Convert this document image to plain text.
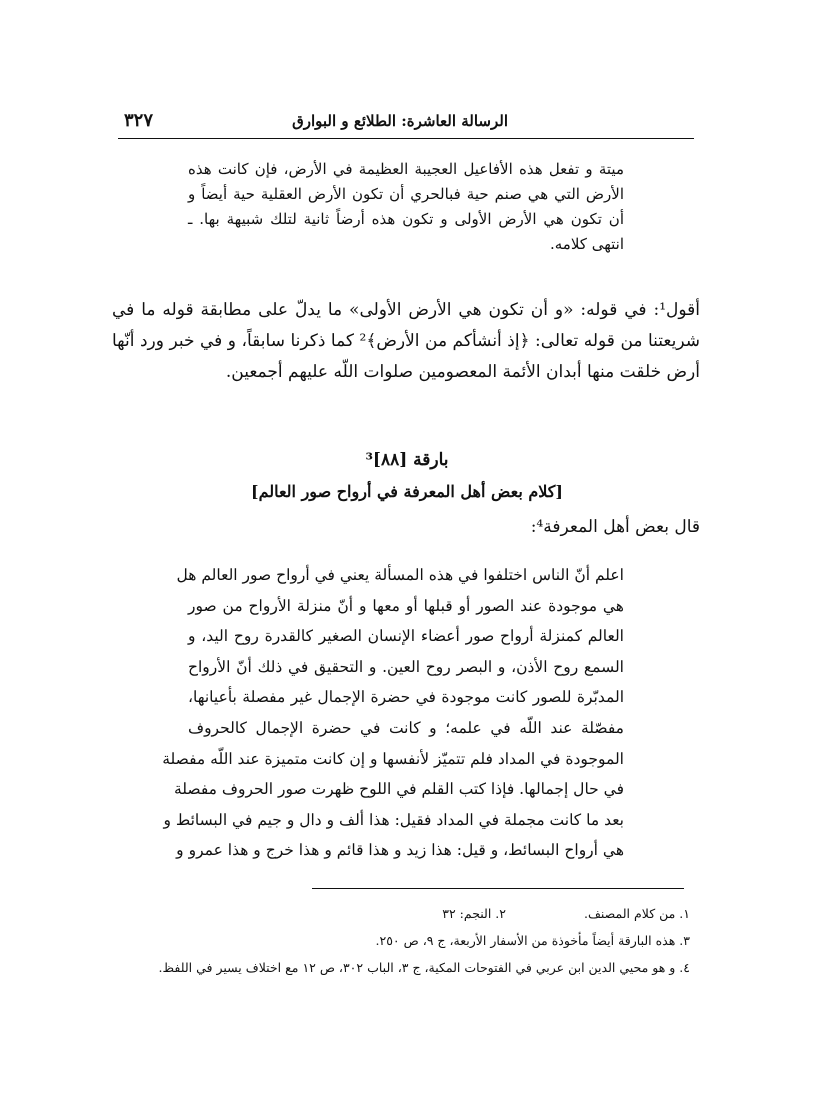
الرسالة العاشرة: الطلائع و البوارق
۳۲۷
ميتة و تفعل هذه الأفاعيل العجيبة العظيمة في الأرض، فإن كانت هذه
الأرض التي هي صنم حية فبالحري أن تكون الأرض العقلية حية أيضاً و
أن تكون هي الأرض الأولى و تكون هذه أرضاً ثانية لتلك شبيهة بها. ـ
انتهى كلامه.
أقول¹: في قوله: «و أن تكون هي الأرض الأولى» ما يدلّ على مطابقة قوله ما في
شريعتنا من قوله تعالى: ﴿إذ أنشأكم من الأرض﴾² كما ذكرنا سابقاً، و في خبر ورد أنّها
أرض خلقت منها أبدان الأئمة المعصومين صلوات اللّه عليهم أجمعين.
بارقة [۸۸]³
[كلام بعض أهل المعرفة في أرواح صور العالم]
قال بعض أهل المعرفة⁴:
اعلم أنّ الناس اختلفوا في هذه المسألة يعني في أرواح صور العالم هل
هي موجودة عند الصور أو قبلها أو معها و أنّ منزلة الأرواح من صور
العالم كمنزلة أرواح صور أعضاء الإنسان الصغير كالقدرة روح اليد، و
السمع روح الأذن، و البصر روح العين. و التحقيق في ذلك أنّ الأرواح
المدبّرة للصور كانت موجودة في حضرة الإجمال غير مفصلة بأعيانها،
مفصّلة عند اللّه في علمه؛ و كانت في حضرة الإجمال كالحروف
الموجودة في المداد فلم تتميّز لأنفسها و إن كانت متميزة عند اللّه مفصلة
في حال إجمالها. فإذا كتب القلم في اللوح ظهرت صور الحروف مفصلة
بعد ما كانت مجملة في المداد فقيل: هذا ألف و دال و جيم في البسائط و
هي أرواح البسائط، و قيل: هذا زيد و هذا قائم و هذا خرج و هذا عمرو و
١. من كلام المصنف.
٢. النجم: ٣٢
٣. هذه البارقة أيضاً مأخوذة من الأسفار الأربعة، ج ٩، ص ٢٥٠.
٤. و هو محيي الدين ابن عربي في الفتوحات المكية، ج ٣، الباب ٣٠٢، ص ١٢ مع اختلاف يسير في اللفظ.
